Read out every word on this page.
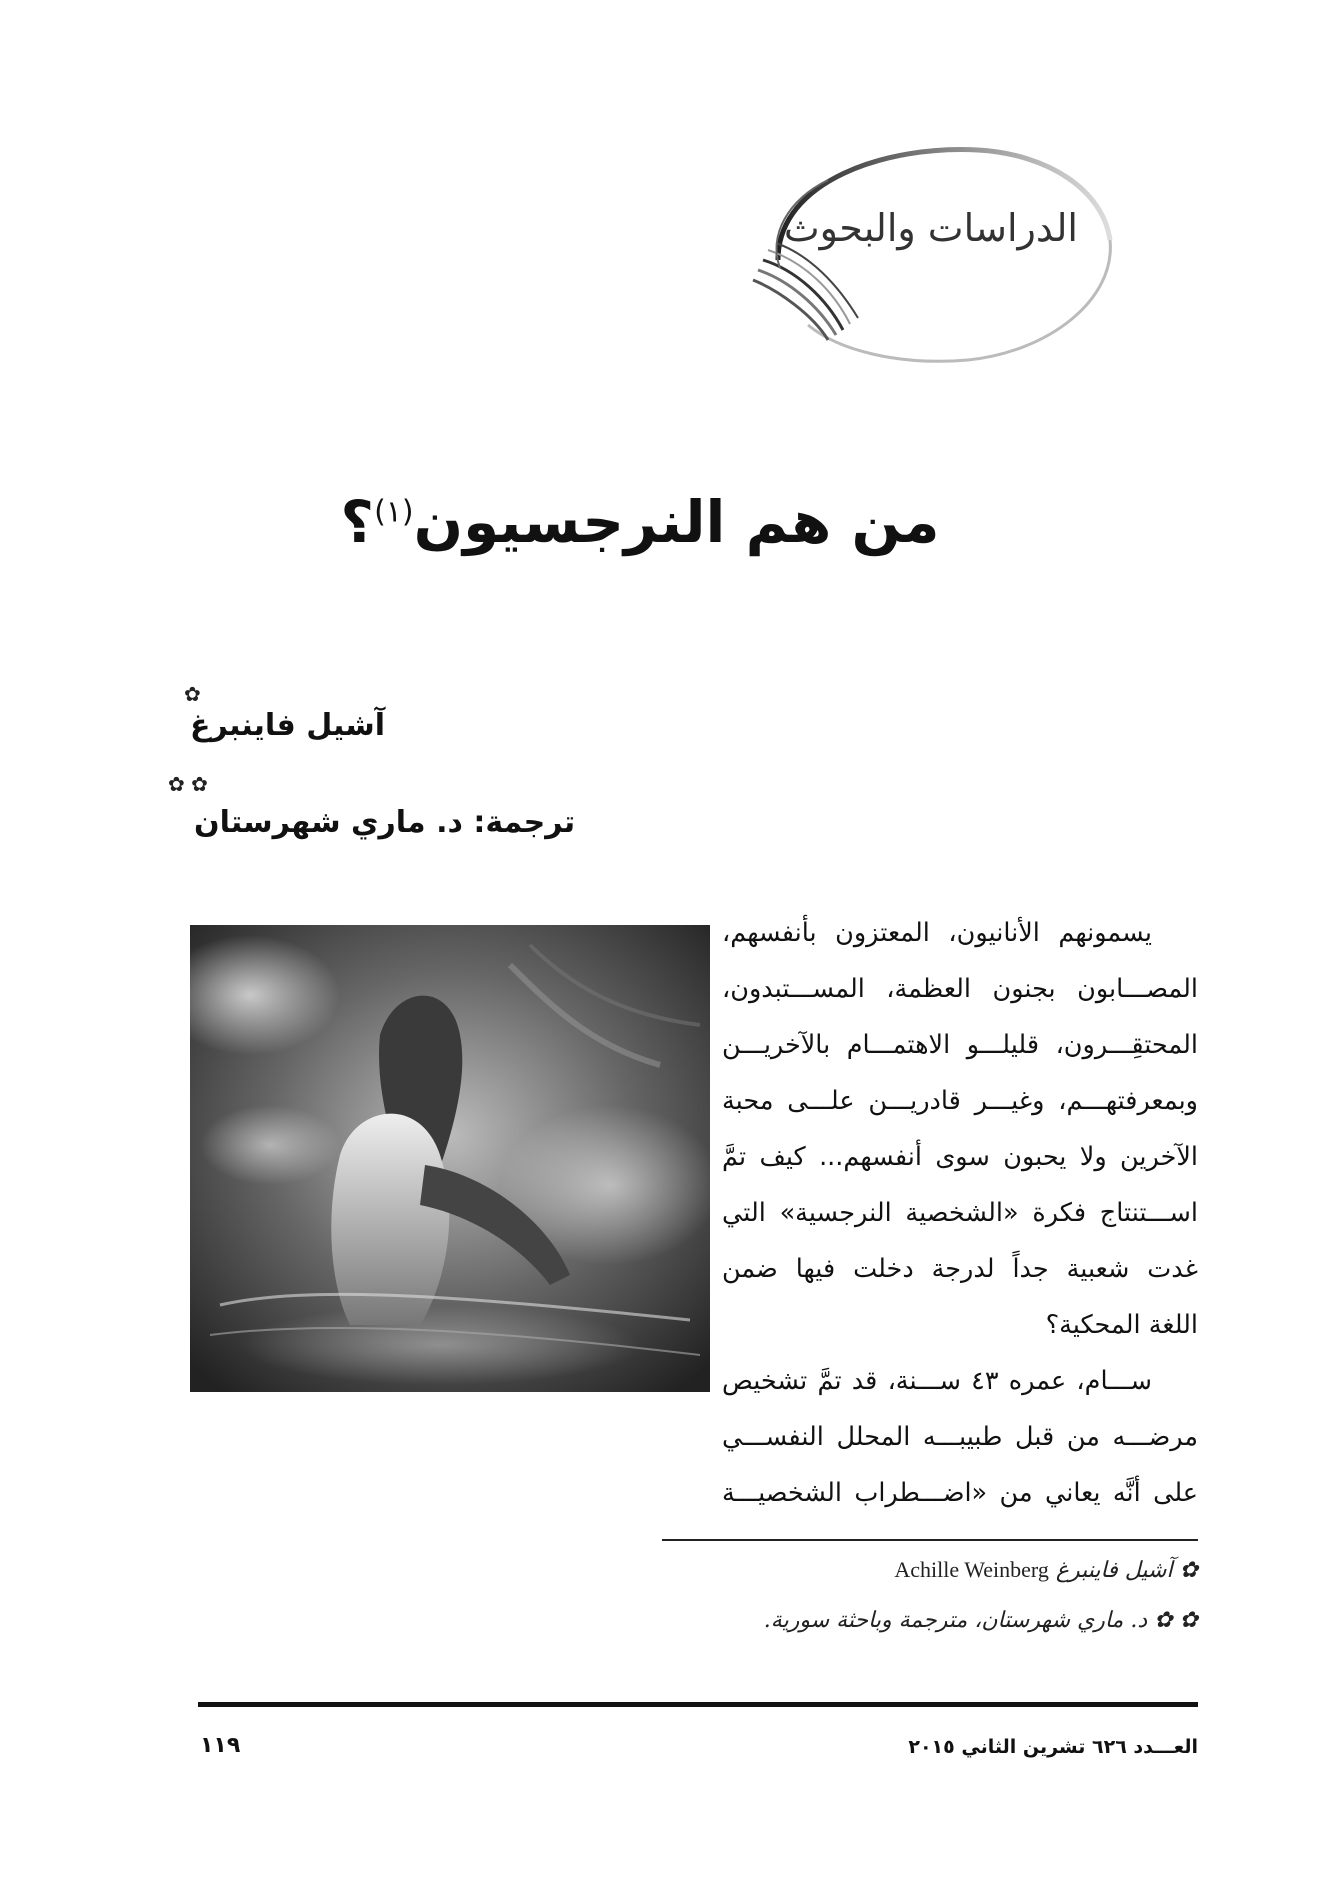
الدراسات والبحوث
من هم النرجسيون$^{(١)}$؟
✿
آشيل فاينبرغ
✿ ✿
ترجمة: د. ماري شهرستان
يسمونهم الأنانيون، المعتزون بأنفسهم،
المصـــابون بجنون العظمة، المســـتبدون،
المحتقِـــرون، قليلـــو الاهتمـــام بالآخريـــن
وبمعرفتهـــم، وغيـــر قادريـــن علـــى محبة
الآخرين ولا يحبون سوى أنفسهم... كيف تمَّ
اســـتنتاج فكرة «الشخصية النرجسية» التي
غدت شعبية جداً لدرجة دخلت فيها ضمن
اللغة المحكية؟
ســـام، عمره ٤٣ ســـنة، قد تمَّ تشخيص
مرضـــه من قبل طبيبـــه المحلل النفســـي
على أنَّه يعاني من «اضـــطراب الشخصيـــة
✿ آشيل فاينبرغ Achille Weinberg
✿ ✿ د. ماري شهرستان، مترجمة وباحثة سورية.
العـــدد ٦٢٦ تشرين الثاني ٢٠١٥
١١٩
